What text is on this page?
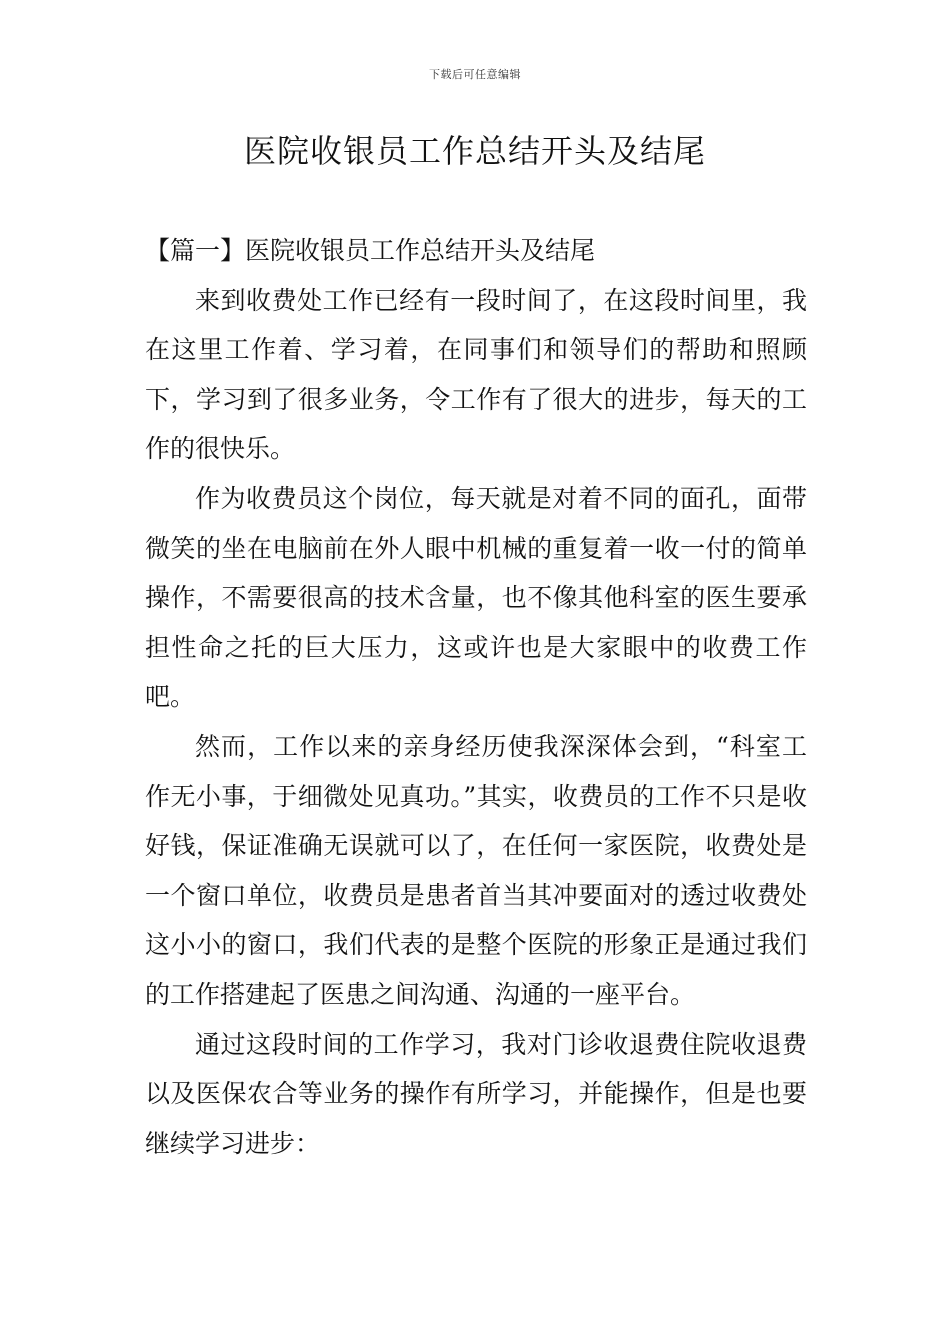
下载后可任意编辑
医院收银员工作总结开头及结尾

【篇一】医院收银员工作总结开头及结尾

来到收费处工作已经有一段时间了，在这段时间里，我在这里工作着、学习着，在同事们和领导们的帮助和照顾下，学习到了很多业务，令工作有了很大的进步，每天的工作的很快乐。

作为收费员这个岗位，每天就是对着不同的面孔，面带微笑的坐在电脑前在外人眼中机械的重复着一收一付的简单操作，不需要很高的技术含量，也不像其他科室的医生要承担性命之托的巨大压力，这或许也是大家眼中的收费工作吧。

然而，工作以来的亲身经历使我深深体会到，“科室工作无小事，于细微处见真功。”其实，收费员的工作不只是收好钱，保证准确无误就可以了，在任何一家医院，收费处是一个窗口单位，收费员是患者首当其冲要面对的透过收费处这小小的窗口，我们代表的是整个医院的形象正是通过我们的工作搭建起了医患之间沟通、沟通的一座平台。

通过这段时间的工作学习，我对门诊收退费住院收退费以及医保农合等业务的操作有所学习，并能操作，但是也要继续学习进步：
